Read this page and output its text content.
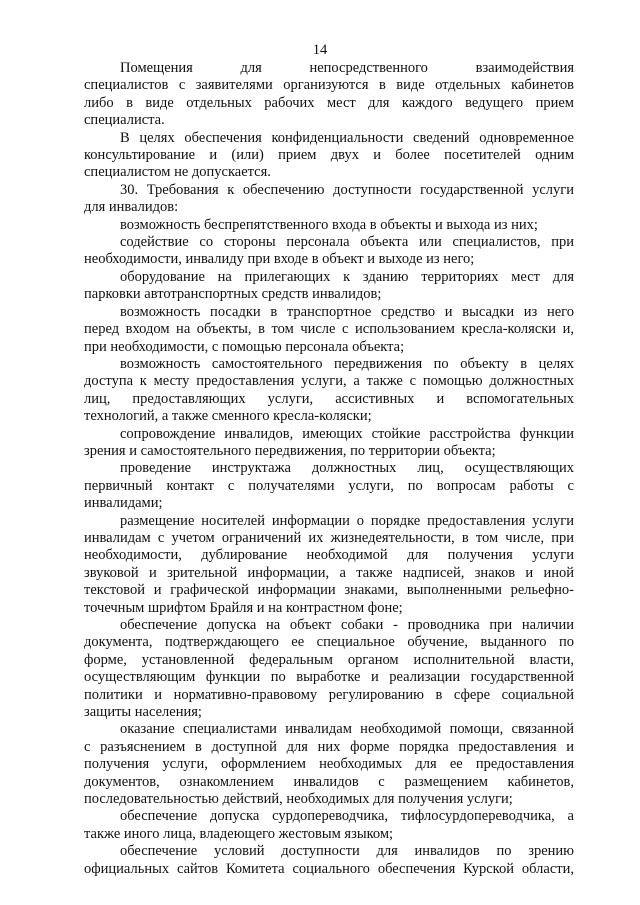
14
Помещения для непосредственного взаимодействия
специалистов с заявителями организуются в виде отдельных кабинетов
либо в виде отдельных рабочих мест для каждого ведущего прием
специалиста.
В целях обеспечения конфиденциальности сведений одновременное
консультирование и (или) прием двух и более посетителей одним
специалистом не допускается.
30. Требования к обеспечению доступности государственной услуги
для инвалидов:
возможность беспрепятственного входа в объекты и выхода из них;
содействие со стороны персонала объекта или специалистов, при
необходимости, инвалиду при входе в объект и выходе из него;
оборудование на прилегающих к зданию территориях мест для
парковки автотранспортных средств инвалидов;
возможность посадки в транспортное средство и высадки из него
перед входом на объекты, в том числе с использованием кресла-коляски и,
при необходимости, с помощью персонала объекта;
возможность самостоятельного передвижения по объекту в целях
доступа к месту предоставления услуги, а также с помощью должностных
лиц, предоставляющих услуги, ассистивных и вспомогательных
технологий, а также сменного кресла-коляски;
сопровождение инвалидов, имеющих стойкие расстройства функции
зрения и самостоятельного передвижения, по территории объекта;
проведение инструктажа должностных лиц, осуществляющих
первичный контакт с получателями услуги, по вопросам работы с
инвалидами;
размещение носителей информации о порядке предоставления услуги
инвалидам с учетом ограничений их жизнедеятельности, в том числе, при
необходимости, дублирование необходимой для получения услуги
звуковой и зрительной информации, а также надписей, знаков и иной
текстовой и графической информации знаками, выполненными рельефно-
точечным шрифтом Брайля и на контрастном фоне;
обеспечение допуска на объект собаки - проводника при наличии
документа, подтверждающего ее специальное обучение, выданного по
форме, установленной федеральным органом исполнительной власти,
осуществляющим функции по выработке и реализации государственной
политики и нормативно-правовому регулированию в сфере социальной
защиты населения;
оказание специалистами инвалидам необходимой помощи, связанной
с разъяснением в доступной для них форме порядка предоставления и
получения услуги, оформлением необходимых для ее предоставления
документов, ознакомлением инвалидов с размещением кабинетов,
последовательностью действий, необходимых для получения услуги;
обеспечение допуска сурдопереводчика, тифлосурдопереводчика, а
также иного лица, владеющего жестовым языком;
обеспечение условий доступности для инвалидов по зрению
официальных сайтов Комитета социального обеспечения Курской области,
